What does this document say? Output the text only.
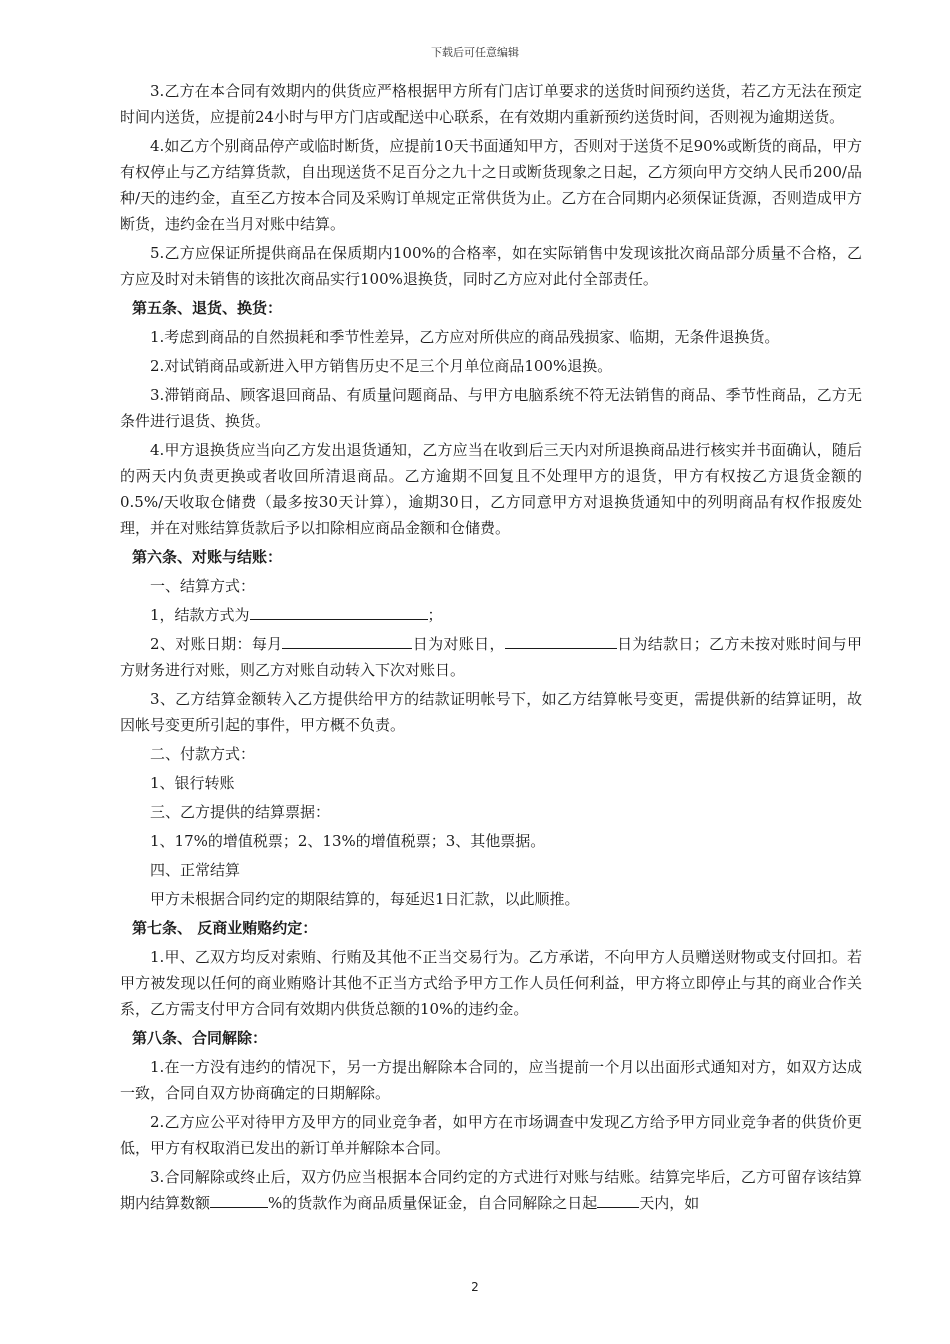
下载后可任意编辑

3.乙方在本合同有效期内的供货应严格根据甲方所有门店订单要求的送货时间预约送货，若乙方无法在预定时间内送货，应提前24小时与甲方门店或配送中心联系，在有效期内重新预约送货时间，否则视为逾期送货。

4.如乙方个别商品停产或临时断货，应提前10天书面通知甲方，否则对于送货不足90%或断货的商品，甲方有权停止与乙方结算货款，自出现送货不足百分之九十之日或断货现象之日起，乙方须向甲方交纳人民币200/品种/天的违约金，直至乙方按本合同及采购订单规定正常供货为止。乙方在合同期内必须保证货源，否则造成甲方断货，违约金在当月对账中结算。

5.乙方应保证所提供商品在保质期内100%的合格率，如在实际销售中发现该批次商品部分质量不合格，乙方应及时对未销售的该批次商品实行100%退换货，同时乙方应对此付全部责任。

第五条、退货、换货：

1.考虑到商品的自然损耗和季节性差异，乙方应对所供应的商品残损家、临期，无条件退换货。

2.对试销商品或新进入甲方销售历史不足三个月单位商品100%退换。

3.滞销商品、顾客退回商品、有质量问题商品、与甲方电脑系统不符无法销售的商品、季节性商品，乙方无条件进行退货、换货。

4.甲方退换货应当向乙方发出退货通知，乙方应当在收到后三天内对所退换商品进行核实并书面确认，随后的两天内负责更换或者收回所清退商品。乙方逾期不回复且不处理甲方的退货，甲方有权按乙方退货金额的0.5%/天收取仓储费（最多按30天计算），逾期30日，乙方同意甲方对退换货通知中的列明商品有权作报废处理，并在对账结算货款后予以扣除相应商品金额和仓储费。

第六条、对账与结账：

一、结算方式：

1，结款方式为	；

2、对账日期：每月	日为对账日，	日为结款日；乙方未按对账时间与甲方财务进行对账，则乙方对账自动转入下次对账日。

3、乙方结算金额转入乙方提供给甲方的结款证明帐号下，如乙方结算帐号变更，需提供新的结算证明，故因帐号变更所引起的事件，甲方概不负责。

二、付款方式：

1、银行转账

三、乙方提供的结算票据：

1、17%的增值税票；2、13%的增值税票；3、其他票据。

四、正常结算

甲方未根据合同约定的期限结算的，每延迟1日汇款，以此顺推。

第七条、 反商业贿赂约定：

1.甲、乙双方均反对索贿、行贿及其他不正当交易行为。乙方承诺，不向甲方人员赠送财物或支付回扣。若甲方被发现以任何的商业贿赂计其他不正当方式给予甲方工作人员任何利益，甲方将立即停止与其的商业合作关系，乙方需支付甲方合同有效期内供货总额的10%的违约金。

第八条、合同解除：

1.在一方没有违约的情况下，另一方提出解除本合同的，应当提前一个月以出面形式通知对方，如双方达成一致，合同自双方协商确定的日期解除。

2.乙方应公平对待甲方及甲方的同业竞争者，如甲方在市场调查中发现乙方给予甲方同业竞争者的供货价更低，甲方有权取消已发出的新订单并解除本合同。

3.合同解除或终止后，双方仍应当根据本合同约定的方式进行对账与结账。结算完毕后，乙方可留存该结算期内结算数额	%的货款作为商品质量保证金，自合同解除之日起	天内，如

2
